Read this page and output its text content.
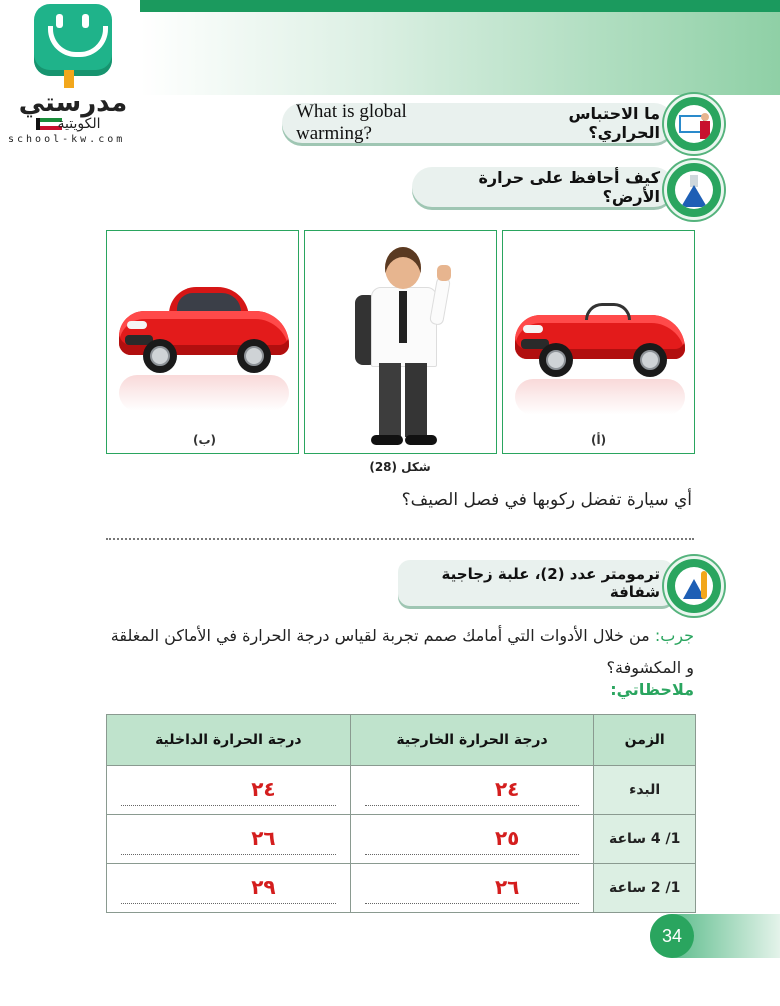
مدرستي
الكويتية
school-kw.com
ما الاحتباس الحراري؟
What is global warming?
كيف أحافظ على حرارة الأرض؟
(ب)	(أ)
شكل (28)
أي سيارة تفضل ركوبها في فصل الصيف؟
ترمومتر عدد (2)، علبة زجاجية شفافة
جرب: من خلال الأدوات التي أمامك صمم تجربة لقياس درجة الحرارة في الأماكن المغلقة و المكشوفة؟
ملاحظاتي:
الزمن	درجة الحرارة الخارجية	درجة الحرارة الداخلية
البدء	٢٤	٢٤

1/ 4 ساعة	٢٥	٢٦

1/ 2 ساعة	٢٦	٢٩
34
